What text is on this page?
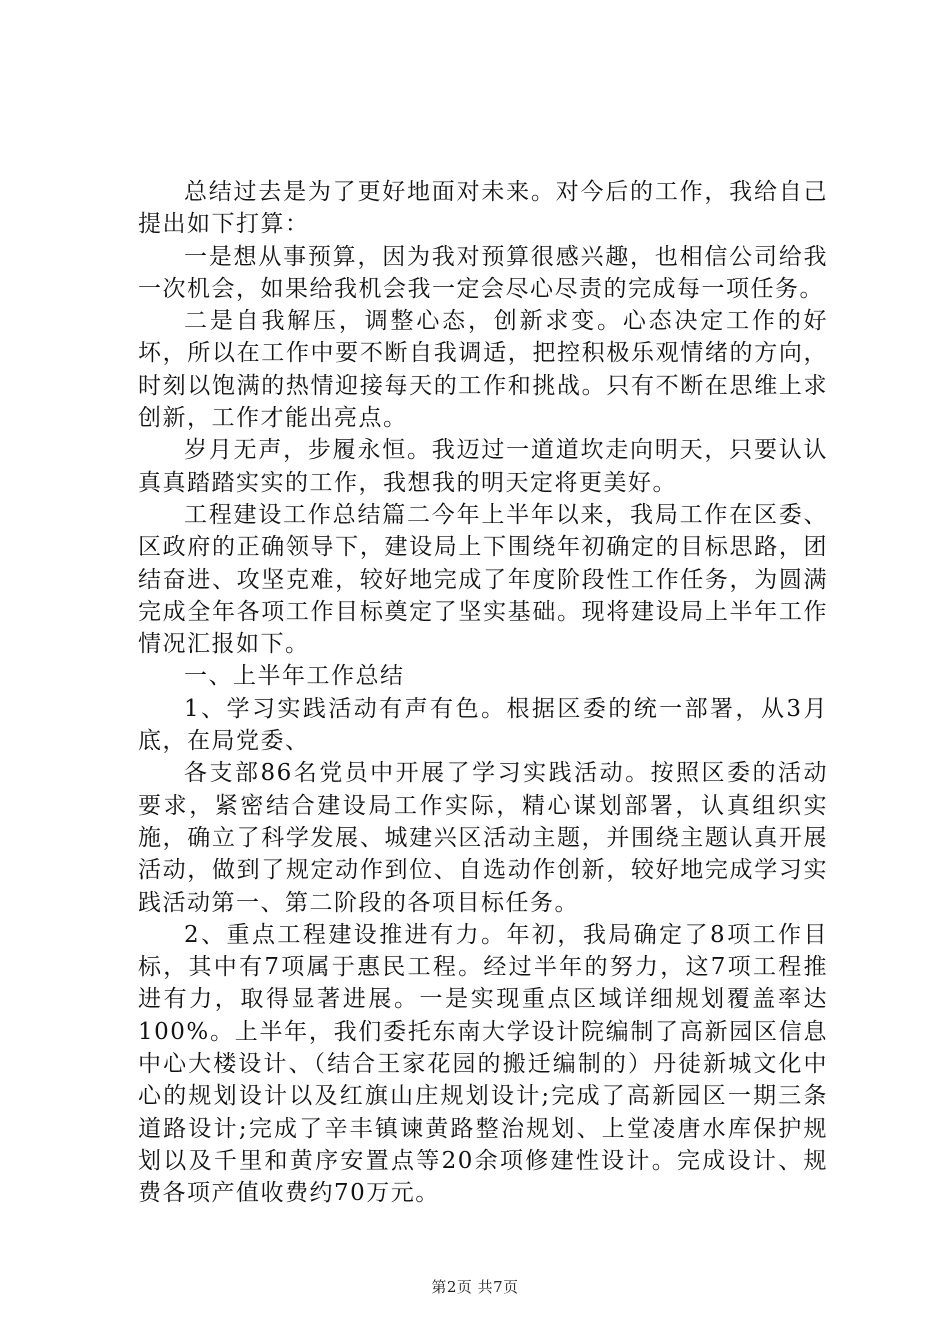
总结过去是为了更好地面对未来。对今后的工作，我给自己提出如下打算：

一是想从事预算，因为我对预算很感兴趣，也相信公司给我一次机会，如果给我机会我一定会尽心尽责的完成每一项任务。

二是自我解压，调整心态，创新求变。心态决定工作的好坏，所以在工作中要不断自我调适，把控积极乐观情绪的方向，时刻以饱满的热情迎接每天的工作和挑战。只有不断在思维上求创新，工作才能出亮点。

岁月无声，步履永恒。我迈过一道道坎走向明天，只要认认真真踏踏实实的工作，我想我的明天定将更美好。

工程建设工作总结篇二今年上半年以来，我局工作在区委、区政府的正确领导下，建设局上下围绕年初确定的目标思路，团结奋进、攻坚克难，较好地完成了年度阶段性工作任务，为圆满完成全年各项工作目标奠定了坚实基础。现将建设局上半年工作情况汇报如下。

一、上半年工作总结

1、学习实践活动有声有色。根据区委的统一部署，从3月底，在局党委、

各支部86名党员中开展了学习实践活动。按照区委的活动要求，紧密结合建设局工作实际，精心谋划部署，认真组织实施，确立了科学发展、城建兴区活动主题，并围绕主题认真开展活动，做到了规定动作到位、自选动作创新，较好地完成学习实践活动第一、第二阶段的各项目标任务。

2、重点工程建设推进有力。年初，我局确定了8项工作目标，其中有7项属于惠民工程。经过半年的努力，这7项工程推进有力，取得显著进展。一是实现重点区域详细规划覆盖率达100%。上半年，我们委托东南大学设计院编制了高新园区信息中心大楼设计、（结合王家花园的搬迁编制的）丹徒新城文化中心的规划设计以及红旗山庄规划设计;完成了高新园区一期三条道路设计;完成了辛丰镇谏黄路整治规划、上堂凌唐水库保护规划以及千里和黄序安置点等20余项修建性设计。完成设计、规费各项产值收费约70万元。

第2页 共7页
